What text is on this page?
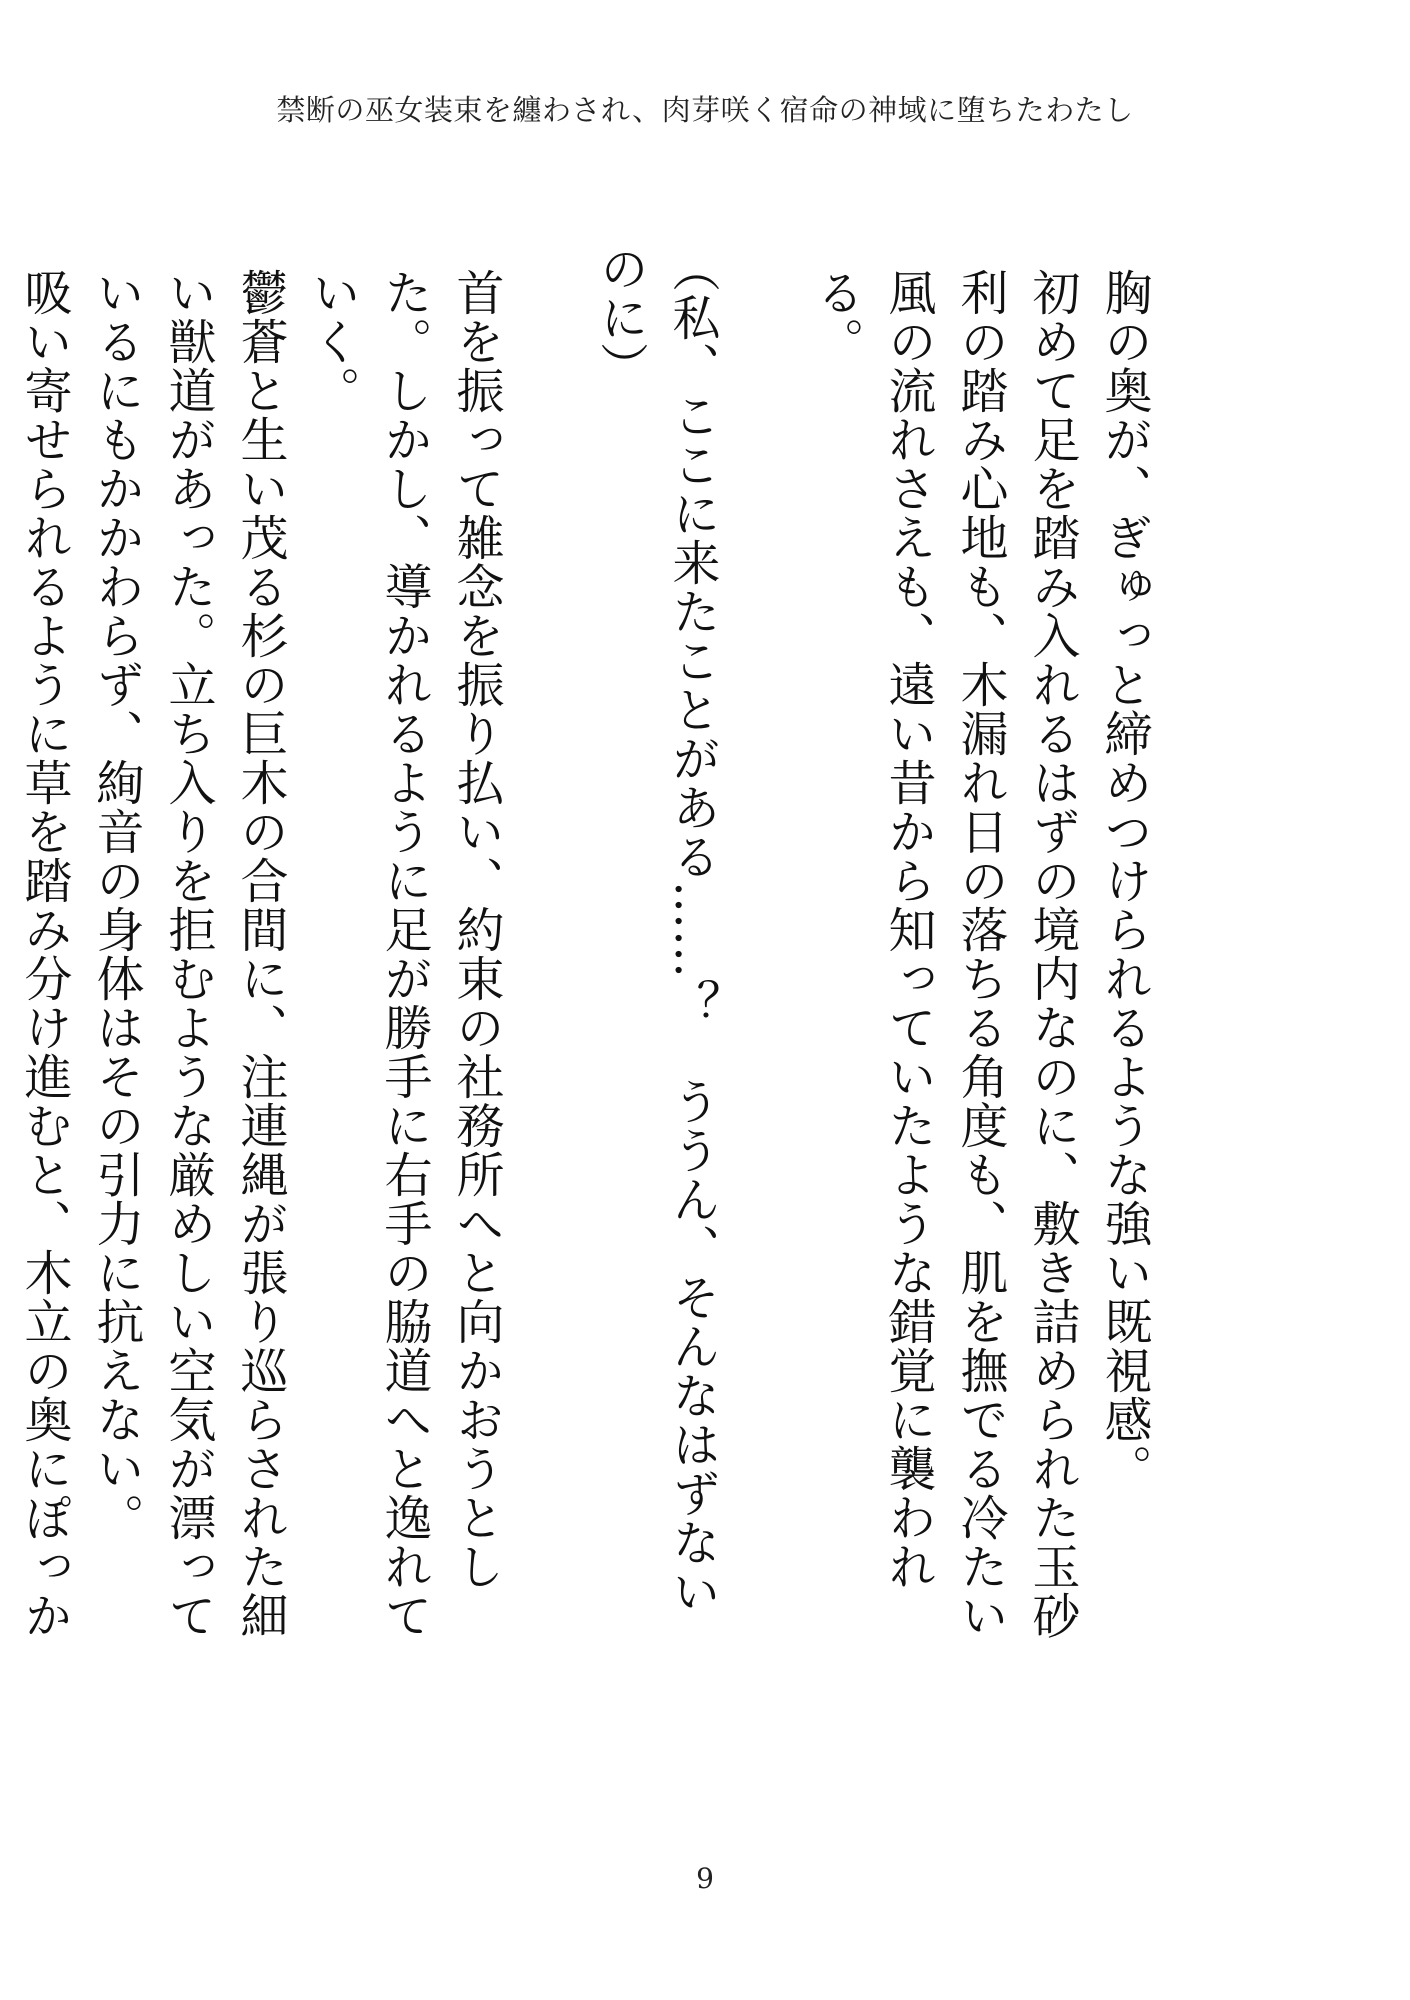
禁断の巫女装束を纏わされ、肉芽咲く宿命の神域に堕ちたわたし

胸の奥が、ぎゅっと締めつけられるような強い既視感。

初めて足を踏み入れるはずの境内なのに、敷き詰められた玉砂利の踏み心地も、木漏れ日の落ちる角度も、肌を撫でる冷たい風の流れさえも、遠い昔から知っていたような錯覚に襲われる。

（私、ここに来たことがある……？　ううん、そんなはずないのに）

首を振って雑念を振り払い、約束の社務所へと向かおうとした。しかし、導かれるように足が勝手に右手の脇道へと逸れていく。

鬱蒼と生い茂る杉の巨木の合間に、注連縄が張り巡らされた細い獣道があった。立ち入りを拒むような厳めしい空気が漂っているにもかかわらず、絢音の身体はその引力に抗えない。

吸い寄せられるように草を踏み分け進むと、木立の奥にぽっか

9
